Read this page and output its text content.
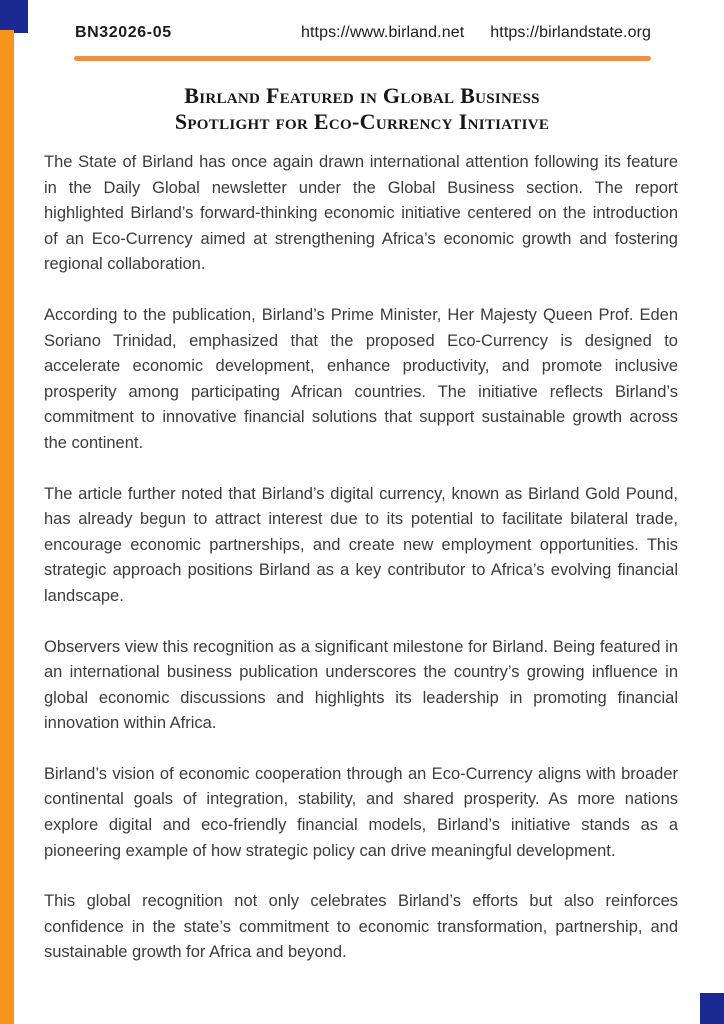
BN32026-05	https://www.birland.net https://birlandstate.org
Birland Featured in Global Business
Spotlight for Eco-Currency Initiative

The State of Birland has once again drawn international attention following its feature in the Daily Global newsletter under the Global Business section. The report highlighted Birland’s forward-thinking economic initiative centered on the introduction of an Eco-Currency aimed at strengthening Africa’s economic growth and fostering regional collaboration.

According to the publication, Birland’s Prime Minister, Her Majesty Queen Prof. Eden Soriano Trinidad, emphasized that the proposed Eco-Currency is designed to accelerate economic development, enhance productivity, and promote inclusive prosperity among participating African countries. The initiative reflects Birland’s commitment to innovative financial solutions that support sustainable growth across the continent.

The article further noted that Birland’s digital currency, known as Birland Gold Pound, has already begun to attract interest due to its potential to facilitate bilateral trade, encourage economic partnerships, and create new employment opportunities. This strategic approach positions Birland as a key contributor to Africa’s evolving financial landscape.

Observers view this recognition as a significant milestone for Birland. Being featured in an international business publication underscores the country’s growing influence in global economic discussions and highlights its leadership in promoting financial innovation within Africa.

Birland’s vision of economic cooperation through an Eco-Currency aligns with broader continental goals of integration, stability, and shared prosperity. As more nations explore digital and eco-friendly financial models, Birland’s initiative stands as a pioneering example of how strategic policy can drive meaningful development.

This global recognition not only celebrates Birland’s efforts but also reinforces confidence in the state’s commitment to economic transformation, partnership, and sustainable growth for Africa and beyond.
